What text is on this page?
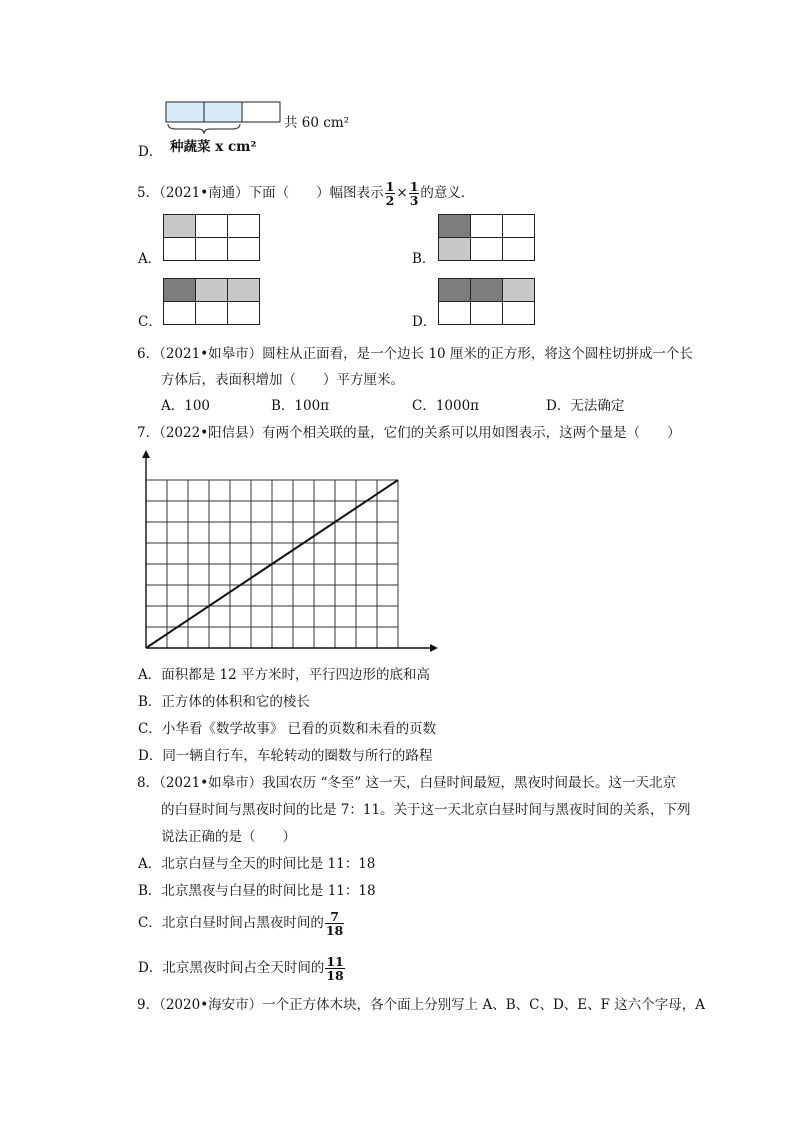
共 60 cm²
D． 种蔬菜 x cm²
5．（2021•南通）下面（　　）幅图表示 $\frac{1}{2} \times \frac{1}{3}$ 的意义．
A．

			B．

C．

			D．

6．（2021•如皋市）圆柱从正面看，是一个边长 10 厘米的正方形，将这个圆柱切拼成一个长
方体后，表面积增加（　　）平方厘米。
A．100	B．100π	C．1000π	D．无法确定
7．（2022•阳信县）有两个相关联的量，它们的关系可以用如图表示，这两个量是（　　）
A．面积都是 12 平方米时，平行四边形的底和高
B．正方体的体积和它的棱长
C．小华看《数学故事》 已看的页数和未看的页数
D．同一辆自行车，车轮转动的圈数与所行的路程
8．（2021•如皋市）我国农历 “冬至” 这一天，白昼时间最短，黑夜时间最长。这一天北京
的白昼时间与黑夜时间的比是 7：11。关于这一天北京白昼时间与黑夜时间的关系，下列
说法正确的是（　　）
A．北京白昼与全天的时间比是 11：18
B．北京黑夜与白昼的时间比是 11：18
C．北京白昼时间占黑夜时间的 $\frac{7}{18}$
D．北京黑夜时间占全天时间的 $\frac{11}{18}$
9．（2020•海安市）一个正方体木块，各个面上分别写上 A、B、C、D、E、F 这六个字母，A
